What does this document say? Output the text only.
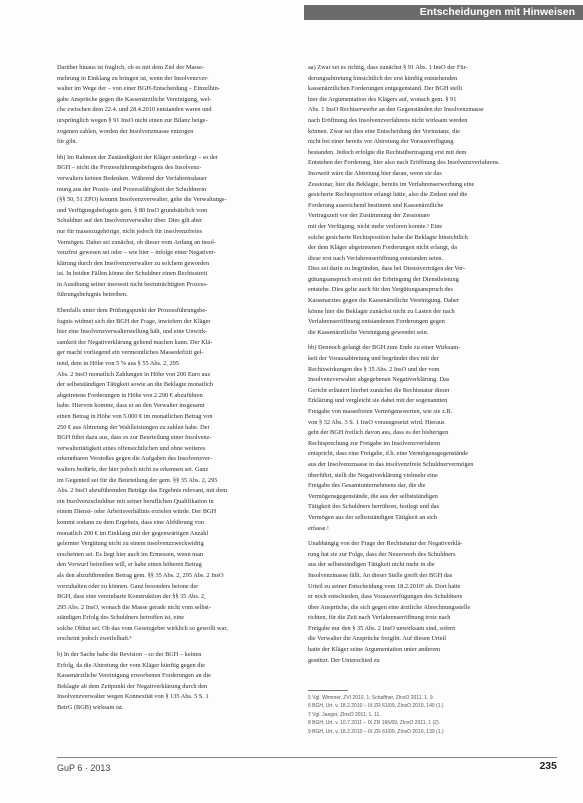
Entscheidungen mit Hinweisen

Darüber hinaus ist fraglich, ob es mit dem Ziel der Masse-
mehrung in Einklang zu bringen ist, wenn der Insolvenzver-
walter im Wege der – von einer BGH-Entscheidung – Einzelhin-
gabe Ansprüche gegen die Kassenärztliche Vereinigung, wel-
che zwischen dem 22.4. und 28.4.2010 entstanden waren und
ursprünglich wegen § 91 InsO nicht einen zur Bilanz beige-
zogenen zahlen, worden der Insolvenzmasse entzogen
für gibt.

bb) Im Rahmen der Zuständigkeit der Kläger unterliegt – so der
BGH – nicht die Prozessführungsbefugnis des Insolvenz-
verwalters keinen Bedenken. Während der Verfahrensdauer
mung aus der Praxis- und Prozessfähigkeit der Schuldnerin
(§§ 50, 51 ZPO) kommt Insolvenzverwalter, gehe die Verwaltungs-
und Verfügungsbefugnis gem. § 80 InsO grundsätzlich vom
Schuldner auf den Insolvenzverwalter über. Dies gilt aber
nur für massezugehörige, nicht jedoch für insolvenzfreies
Vermögen. Daher sei zunächst, ob dieser vom Anfang an insol-
venzfrei gewesen sei oder – wie hier – infolge einer Negativer-
klärung durch den Insolvenzverwalter zu solchem geworden
ist. In beiden Fällen könne der Schuldner einen Rechtsstreit
in Ausübung seiner insoweit nicht beeinträchtigten Prozess-
führungsbefugnis betreiben.

Ebenfalls unter dem Prüfungspunkt der Prozessführungsbe-
fugnis widmet sich der BGH der Frage, inwiefern der Kläger
hier eine Insolvenzverwalterstellung hält, und eine Unwirk-
samkeit der Negativerklärung geltend machen kann. Der Klä-
ger macht vorliegend ein vermeintliches Massedefizit gel-
tend, dem in Höhe von 5 % aus § 55 Abs. 2, 295
Abs. 2 InsO monatlich Zahlungen in Höhe von 200 Euro aus
der selbstständigen Tätigkeit sowie an die Beklagte monatlich
abgetretene Forderungen in Höhe von 2.290 € abzuführen
habe. Hiervon komme, dass er an den Verwalter insgesamt
einen Betrag in Höhe von 5.000 € im monatlichen Betrag von
250 € aus Abtretung der Wahlleistungen zu zahlen habe. Der
BGH führt dazu aus, dass es zur Beurteilung einer Insolvenz-
verwaltertätigkeit eines offensichtlichen und ohne weiteres
erkennbaren Verstoßes gegen die Aufgaben des Insolvenzver-
walters bedürfe, der hier jedoch nicht zu erkennen sei. Ganz
im Gegenteil sei für die Beurteilung der gem. §§ 35 Abs. 2, 295
Abs. 2 InsO abzuführenden Beträge das Ergebnis relevant, mit dem
ein Insolvenzschuldner mit seiner beruflichen Qualifikation in
einem Dienst- oder Arbeitsverhältnis erzielen würde. Der BGH
kommt sodann zu dem Ergebnis, dass eine Abführung von
monatlich 200 € im Einklang mit der gegenwärtigen Anzahl
gelernter Vergütung nicht zu einem insolvenzzweckwidrig
erscheinen sei. Es liegt hier auch im Ermessen, wenn man
den Vorwurf betreiben will, er habe einen höheren Betrag
als den abzuführenden Betrag gem. §§ 35 Abs. 2, 295 Abs. 2 InsO
vorzuhalten oder zu können. Ganz besonders betone der
BGH, dass eine vereinbarte Konstruktion der §§ 35 Abs. 2,
295 Abs. 2 InsO, wonach die Masse gerade nicht vom selbst-
ständigen Erfolg des Schuldners betroffen ist, eine
solche Obhut sei. Ob das vom Gesetzgeber wirklich so gewollt war,
erscheint jedoch zweifelhaft.³

b) In der Sache habe die Revision – so der BGH – keinen
Erfolg, da die Abtretung der vom Kläger künftig gegen die
Kassenärztliche Vereinigung erworbenen Forderungen an die
Beklagte ab dem Zeitpunkt der Negativerklärung durch den
Insolvenzverwalter wegen Konnexität von § 135 Abs. 5 S. 1
BetrG (BGB) wirksam ist.

aa) Zwar sei es richtig, dass zunächst § 91 Abs. 1 InsO der Für-
derungsabtretung hinsichtlich der erst künftig entstehenden
kassenärztlichen Forderungen entgegenstand. Der BGH stellt
hier die Argumentation des Klägers auf, wonach gem. § 91
Abs. 1 InsO Rechtserwerbe an den Gegenständen der Insolvenzmasse
nach Eröffnung des Insolvenzverfahrens nicht wirksam werden
können. Zwar sei dies eine Entscheidung der Vorinstanz, die
nicht bei einer bereits vor Abtretung der Vorausverfügung
bestanden. Jedoch erfolgte die Rechtsübertragung erst mit dem
Entstehen der Forderung, hier also nach Eröffnung des Insolvenzverfahrens.
Insoweit wäre die Abtretung hier daran, wenn sie das
Zessionar, hier die Beklagte, bereits im Verfahrenserwerbung eine
gesicherte Rechtsposition erlangt hätte, also die Zedent und die
Forderung ausreichend bestimmt und Kassenärztliche
Vertragszeit vor der Zustimmung der Zessionare
mit der Verfügung, nicht mehr verloren konnte.¹ Eine
solche gesicherte Rechtsposition habe die Beklagte hinsichtlich
der dem Kläger abgetretenen Forderungen nicht erlangt, da
diese erst nach Verfahrenseröffnung entstanden seien.
Dies sei darin zu begründen, dass bei Dienstverträgen der Ver-
gütungsanspruch erst mit der Erbringung der Dienstleistung
entstehe. Dies gelte auch für den Vergütungsanspruch des
Kassenarztes gegen die Kassenärztliche Vereinigung. Daher
könne hier die Beklagte zunächst nicht zu Lasten der nach
Verfahrenseröffnung entstandenen Forderungen gegen
die Kassenärztliche Vereinigung gewendet sein.

bb) Dennoch gelangt der BGH zum Ende zu einer Wirksam-
keit der Vorausabtretung und begründet dies mit der
Rechtswirkungen des § 35 Abs. 2 InsO und der vom
Insolvenzverwalter abgegebenen Negativerklärung. Das
Gericht erläutert hierbei zunächst die Rechtsnatur dieser
Erklärung und vergleicht sie dabei mit der sogenannten
Freigabe von massefreien Vermögenswerten, wie sie z.B.
von § 32 Abs. 3 S. 1 InsO vorausgesetzt wird. Hieraus
geht der BGH freilich davon aus, dass es der bisherigen
Rechtsprechung zur Freigabe im Insolvenzverfahren
entspricht, dass eine Freigabe, d.h. eine Vermögensgegenstände
aus der Insolvenzmasse in das insolvenzfreie Schuldnervermögen
überführt, stellt die Negativerklärung vielmehr eine
Freigabe des Gesamtunternehmens dar, die die
Vermögensgegenstände, die aus der selbstständigen
Tätigkeit des Schuldners herrühren, festlegt und das
Vermögen aus der selbstständigen Tätigkeit an sich
erfasse.¹

Unabhängig von der Frage der Rechtsnatur der Negativerklä-
rung hat sie zur Folge, dass der Neuerwerb des Schuldners
aus der selbstständigen Tätigkeit nicht mehr in die
Insolvenzmasse fällt. An dieser Stelle greift der BGH das
Urteil zu seiner Entscheidung vom 18.2.2010⁶ ab. Dort hatte
er noch entschieden, dass Vorausverfügungen des Schuldners
über Ansprüche, die sich gegen eine ärztliche Abrechnungsstelle
richten, für die Zeit nach Verfahrenseröffnung trotz nach
Freigabe nur den § 35 Abs. 2 InsO unwirksam sind, sofern
die Verwalter die Ansprüche freigibt. Auf diesen Urteil
hatte der Kläger seine Argumentation unter anderem
gestützt. Der Unterschied zu

5 Vgl. Wimmer, ZVI 2010, 1; Schaffner, ZInsO 2011, 1, 9.
6 BGH, Urt. v. 18.2.2010 – IX ZR 61/09, ZInsO 2010, 149 (1.)
7 Vgl. Jaeger, ZInsO 2011, 1, 11.
8 BGH, Urt. v. 10.7.2011 – IX ZR 166/09, ZInsO 2011, 1 (2).
9 BGH, Urt. v. 18.2.2010 – IX ZR 61/09, ZInsO 2010, 139 (1.)
GuP 6 · 2013	235
